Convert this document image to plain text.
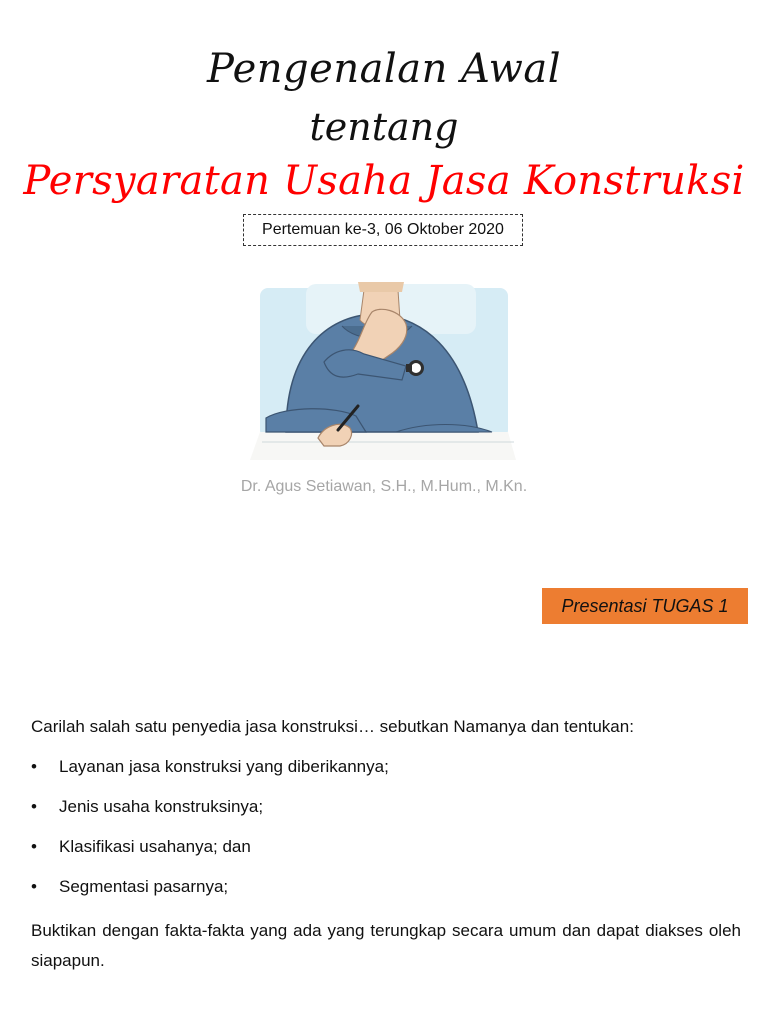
Pengenalan Awal
tentang
Persyaratan Usaha Jasa Konstruksi
Pertemuan ke-3, 06 Oktober 2020
Dr. Agus Setiawan, S.H., M.Hum., M.Kn.
Presentasi TUGAS 1

Carilah salah satu penyedia jasa konstruksi… sebutkan Namanya dan tentukan:

• Layanan jasa konstruksi yang diberikannya;
• Jenis usaha konstruksinya;
• Klasifikasi usahanya; dan
• Segmentasi pasarnya;

Buktikan dengan fakta-fakta yang ada yang terungkap secara umum dan dapat diakses oleh siapapun.
